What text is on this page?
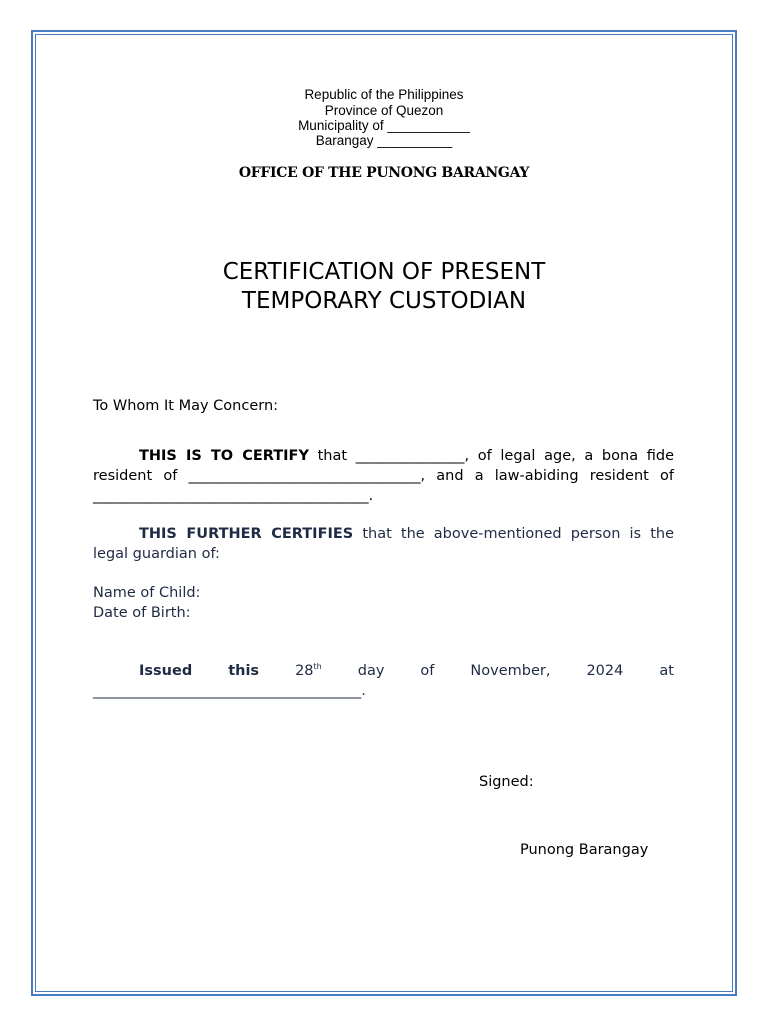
Republic of the Philippines
Province of Quezon
Municipality of ___________
Barangay __________
OFFICE OF THE PUNONG BARANGAY
CERTIFICATION OF PRESENT
TEMPORARY CUSTODIAN
To Whom It May Concern:
THIS IS TO CERTIFY that _______________, of legal age, a bona fide resident of ________________________________, and a law-abiding resident of ______________________________________.
THIS FURTHER CERTIFIES that the above-mentioned person is the legal guardian of:
Name of Child:
Date of Birth:
Issued this 28th day of November, 2024 at
_____________________________________.
Signed:
Punong Barangay
